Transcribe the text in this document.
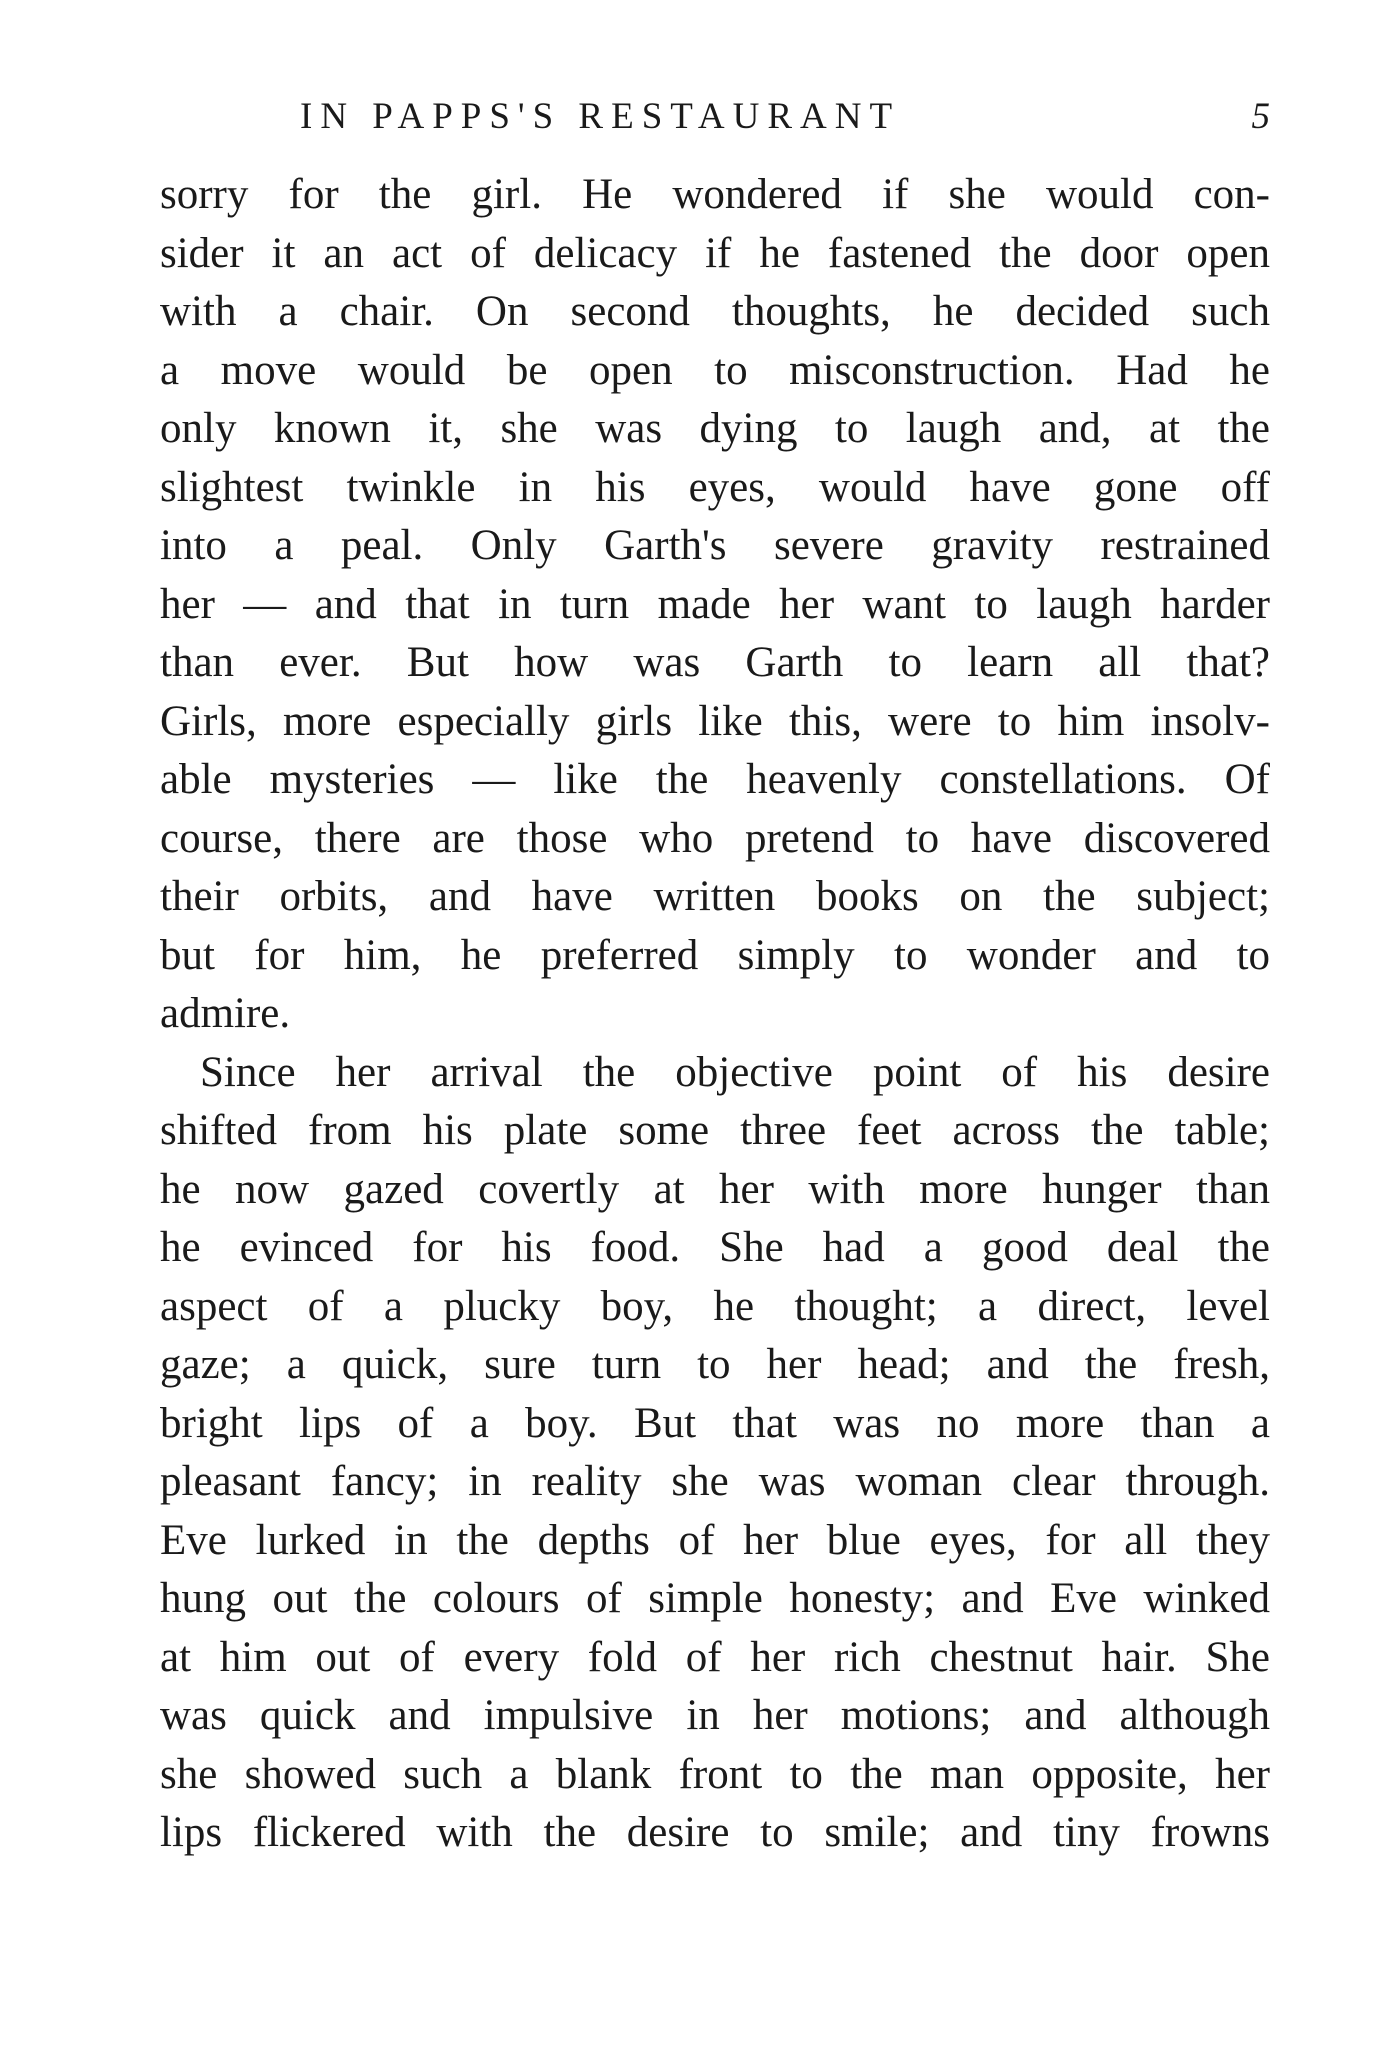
IN PAPPS'S RESTAURANT	5
sorry for the girl. He wondered if she would con-
sider it an act of delicacy if he fastened the door open
with a chair. On second thoughts, he decided such
a move would be open to misconstruction. Had he
only known it, she was dying to laugh and, at the
slightest twinkle in his eyes, would have gone off
into a peal. Only Garth's severe gravity restrained
her — and that in turn made her want to laugh harder
than ever. But how was Garth to learn all that?
Girls, more especially girls like this, were to him insolv-
able mysteries — like the heavenly constellations. Of
course, there are those who pretend to have discovered
their orbits, and have written books on the subject;
but for him, he preferred simply to wonder and to
admire.
Since her arrival the objective point of his desire
shifted from his plate some three feet across the table;
he now gazed covertly at her with more hunger than
he evinced for his food. She had a good deal the
aspect of a plucky boy, he thought; a direct, level
gaze; a quick, sure turn to her head; and the fresh,
bright lips of a boy. But that was no more than a
pleasant fancy; in reality she was woman clear through.
Eve lurked in the depths of her blue eyes, for all they
hung out the colours of simple honesty; and Eve winked
at him out of every fold of her rich chestnut hair. She
was quick and impulsive in her motions; and although
she showed such a blank front to the man opposite, her
lips flickered with the desire to smile; and tiny frowns
